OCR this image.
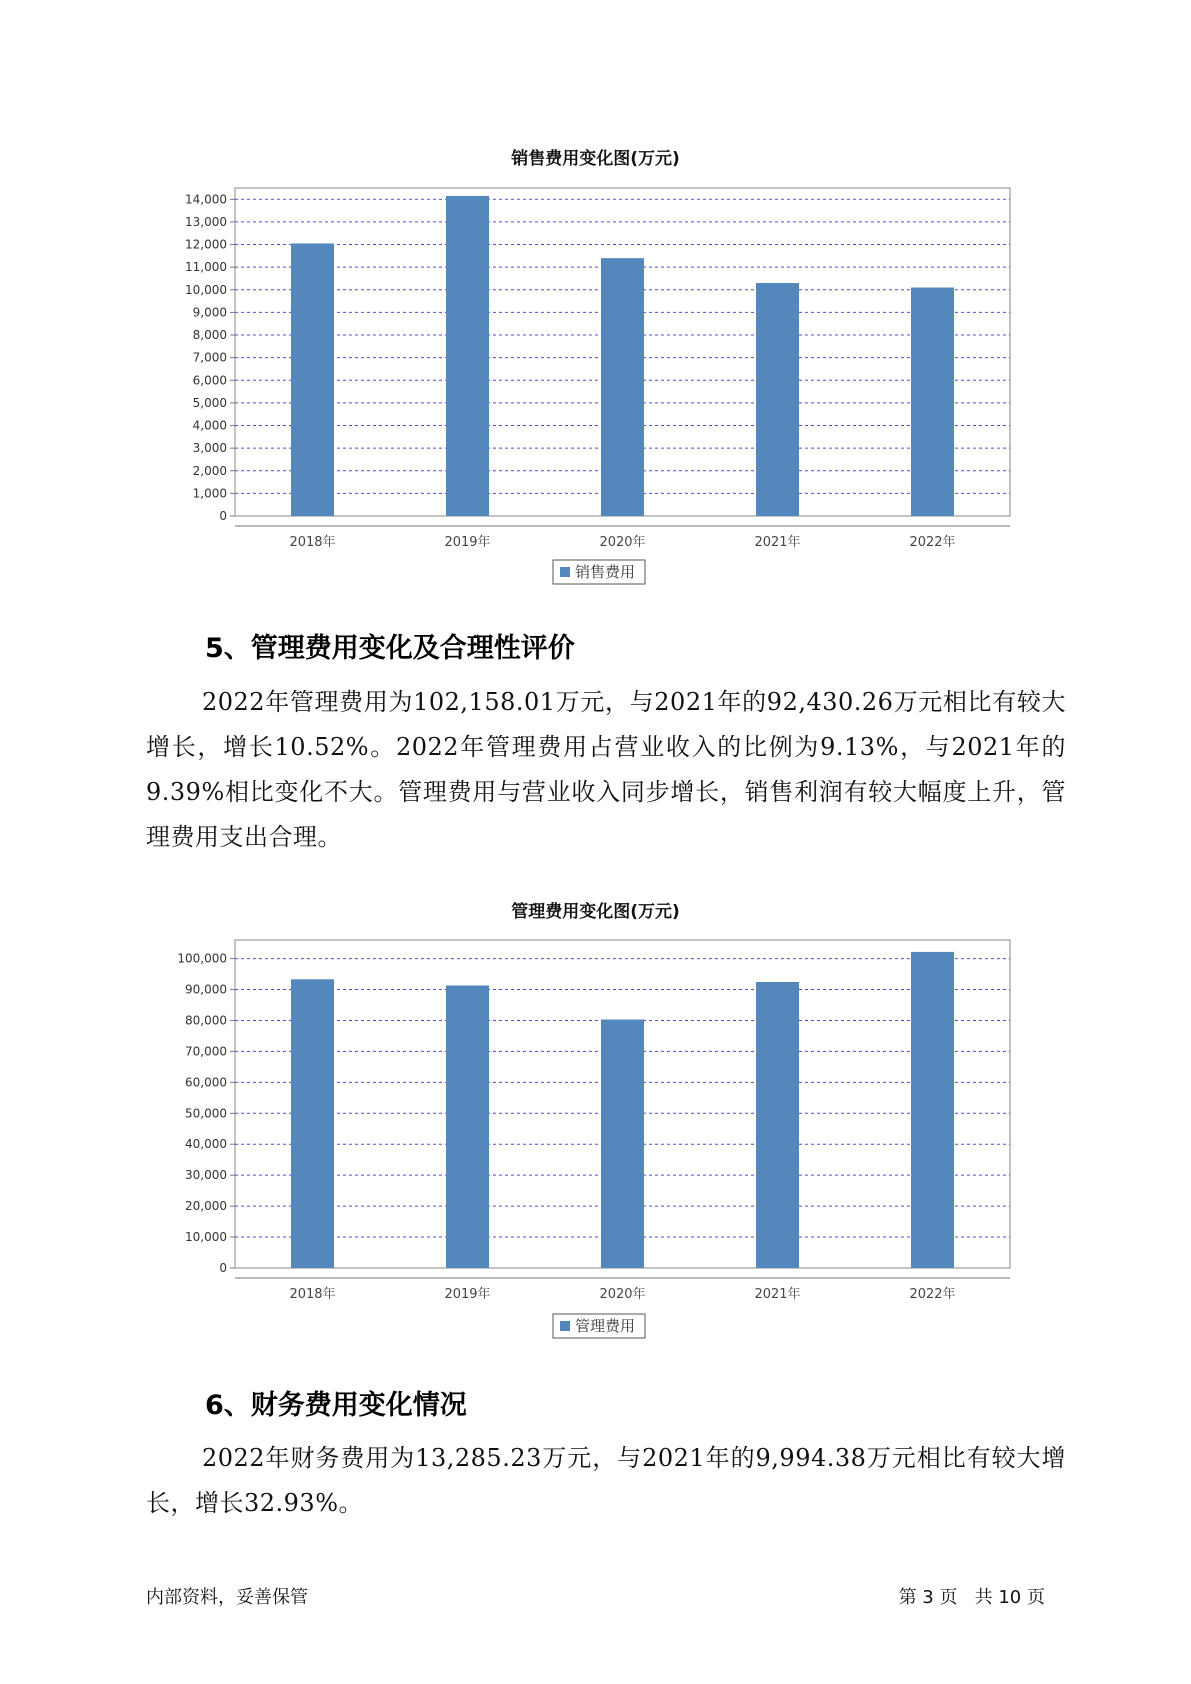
销售费用变化图(万元)
0
1,000
2,000
3,000
4,000
5,000
6,000
7,000
8,000
9,000
10,000
11,000
12,000
13,000
14,000
2018年	2019年	2020年	2021年	2022年
销售费用
5、管理费用变化及合理性评价
2022年管理费用为102,158.01万元，与2021年的92,430.26万元相比有较大增长，增长10.52%。2022年管理费用占营业收入的比例为9.13%，与2021年的9.39%相比变化不大。管理费用与营业收入同步增长，销售利润有较大幅度上升，管理费用支出合理。
管理费用变化图(万元)
0
10,000
20,000
30,000
40,000
50,000
60,000
70,000
80,000
90,000
100,000
2018年	2019年	2020年	2021年	2022年
管理费用
6、财务费用变化情况
2022年财务费用为13,285.23万元，与2021年的9,994.38万元相比有较大增长，增长32.93%。
内部资料，妥善保管	第 3 页   共 10 页
